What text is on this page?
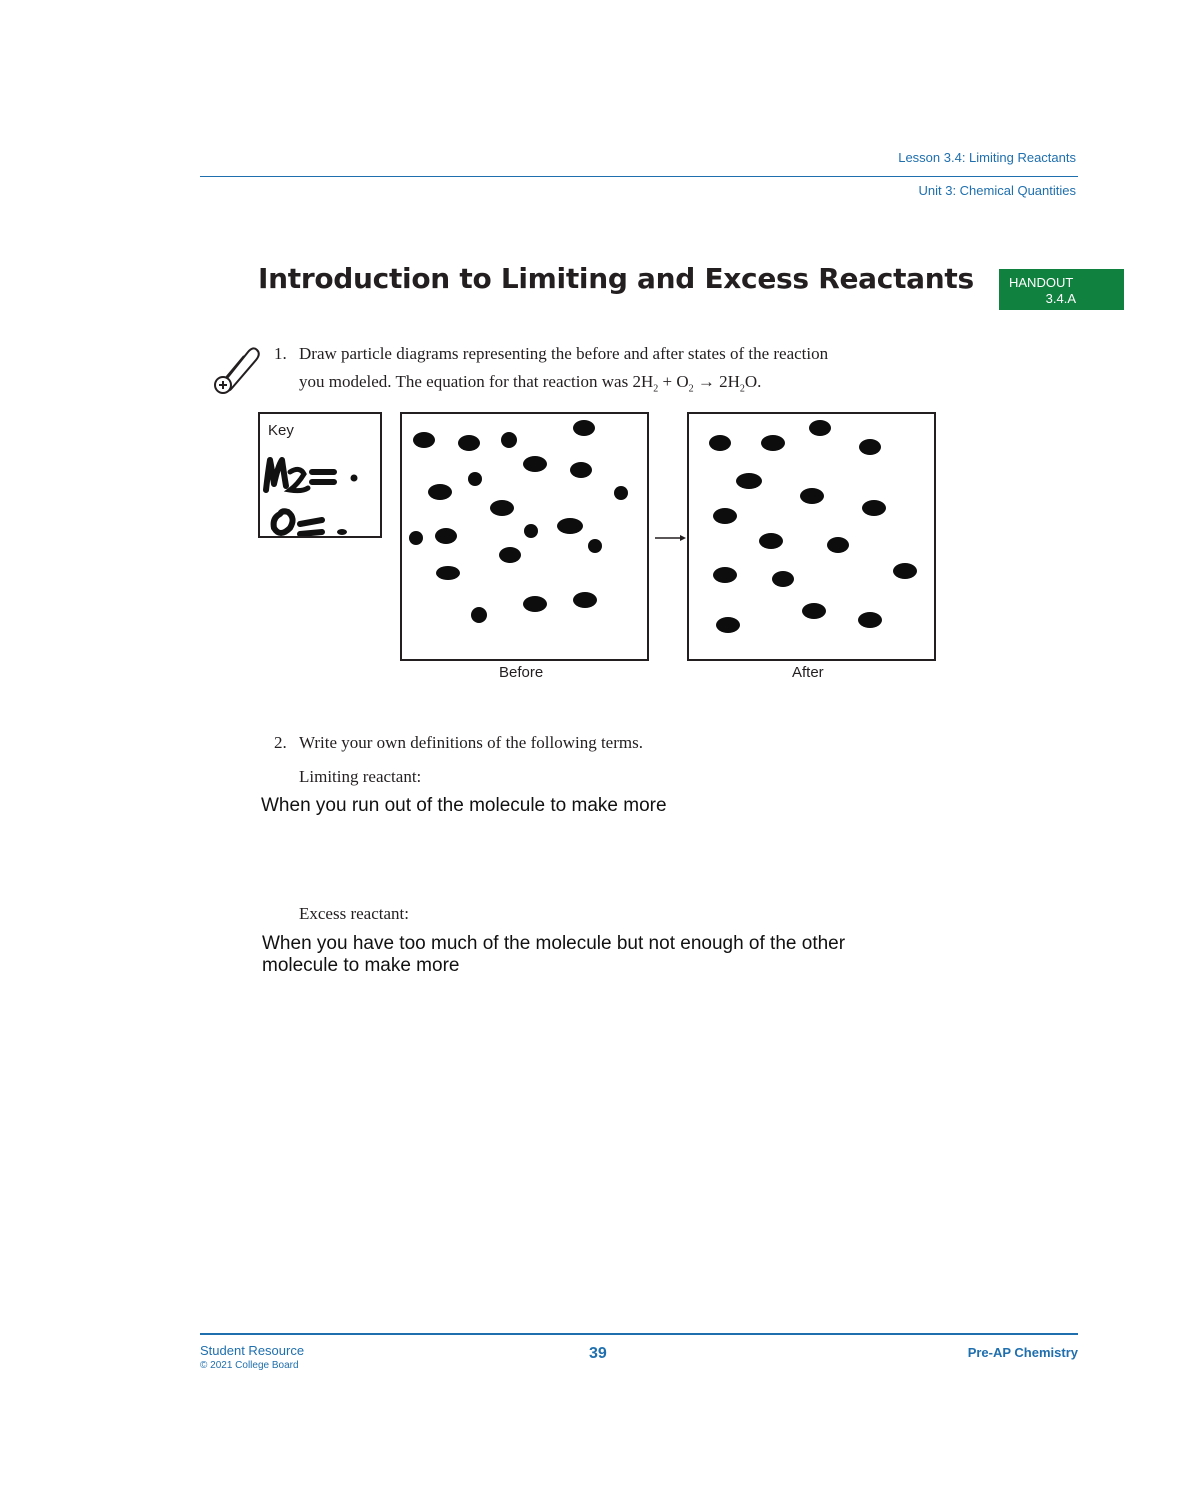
Lesson 3.4: Limiting Reactants
Unit 3: Chemical Quantities
Introduction to Limiting and Excess Reactants	HANDOUT
3.4.A
1. Draw particle diagrams representing the before and after states of the reaction
you modeled. The equation for that reaction was $2H_2 + O_2 \to 2H_2O$.
Key
Before	After
2. Write your own definitions of the following terms.
Limiting reactant:
When you run out of the molecule to make more
Excess reactant:
When you have too much of the molecule but not enough of the other
molecule to make more
Student Resource
© 2021 College Board
39	Pre-AP Chemistry
